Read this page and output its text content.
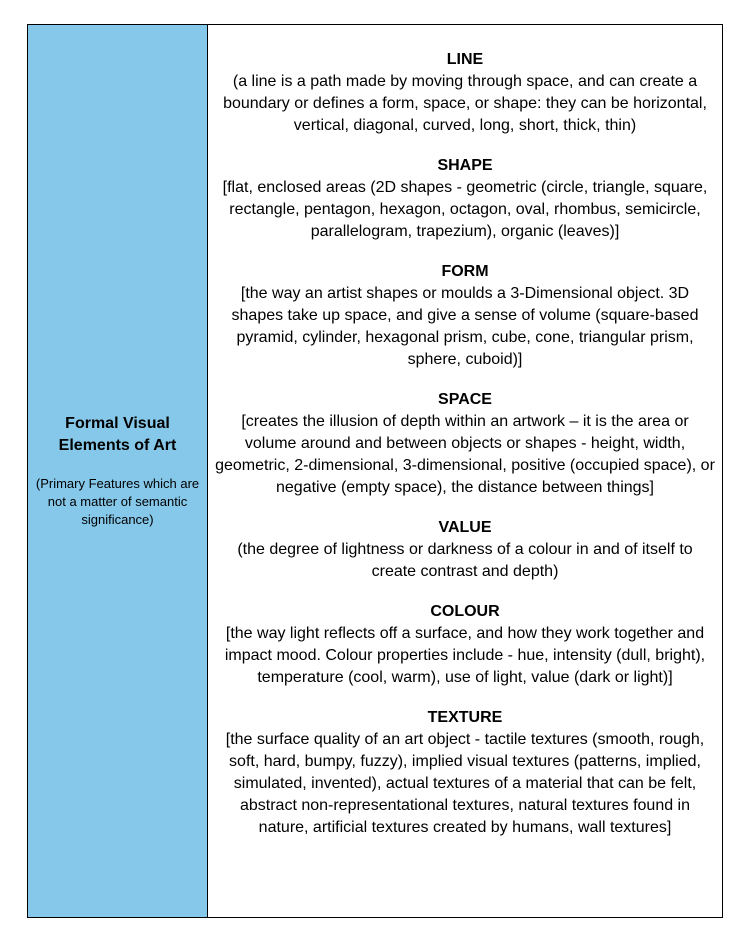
Formal Visual Elements of Art
(Primary Features which are not a matter of semantic significance)
LINE
(a line is a path made by moving through space, and can create a boundary or defines a form, space, or shape: they can be horizontal, vertical, diagonal, curved, long, short, thick, thin)
SHAPE
[flat, enclosed areas (2D shapes - geometric (circle, triangle, square, rectangle, pentagon, hexagon, octagon, oval, rhombus, semicircle, parallelogram, trapezium), organic (leaves)]
FORM
[the way an artist shapes or moulds a 3-Dimensional object. 3D shapes take up space, and give a sense of volume (square-based pyramid, cylinder, hexagonal prism, cube, cone, triangular prism, sphere, cuboid)]
SPACE
[creates the illusion of depth within an artwork – it is the area or volume around and between objects or shapes - height, width, geometric, 2-dimensional, 3-dimensional, positive (occupied space), or negative (empty space), the distance between things]
VALUE
(the degree of lightness or darkness of a colour in and of itself to create contrast and depth)
COLOUR
[the way light reflects off a surface, and how they work together and impact mood. Colour properties include - hue, intensity (dull, bright), temperature (cool, warm), use of light, value (dark or light)]
TEXTURE
[the surface quality of an art object - tactile textures (smooth, rough, soft, hard, bumpy, fuzzy), implied visual textures (patterns, implied, simulated, invented), actual textures of a material that can be felt, abstract non-representational textures, natural textures found in nature, artificial textures created by humans, wall textures]
